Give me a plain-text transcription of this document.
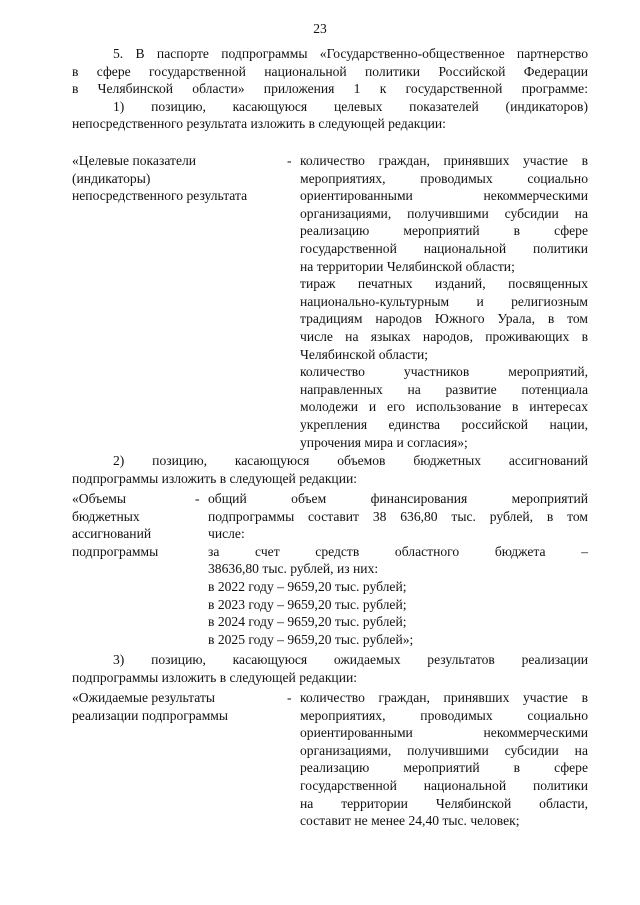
23
5. В паспорте подпрограммы «Государственно-общественное партнерство
в сфере государственной национальной политики Российской Федерации
в Челябинской области» приложения 1 к государственной программе:
1) позицию, касающуюся целевых показателей (индикаторов)
непосредственного результата изложить в следующей редакции:
«Целевые показатели
(индикаторы)
непосредственного результата
- количество граждан, принявших участие в
мероприятиях, проводимых социально
ориентированными некоммерческими
организациями, получившими субсидии на
реализацию мероприятий в сфере
государственной национальной политики
на территории Челябинской области;
тираж печатных изданий, посвященных
национально-культурным и религиозным
традициям народов Южного Урала, в том
числе на языках народов, проживающих в
Челябинской области;
количество участников мероприятий,
направленных на развитие потенциала
молодежи и его использование в интересах
укрепления единства российской нации,
упрочения мира и согласия»;
2) позицию, касающуюся объемов бюджетных ассигнований
подпрограммы изложить в следующей редакции:
«Объемы
бюджетных
ассигнований
подпрограммы
- общий объем финансирования мероприятий
подпрограммы составит 38 636,80 тыс. рублей, в том
числе:
за счет средств областного бюджета –
38636,80 тыс. рублей, из них:
в 2022 году – 9659,20 тыс. рублей;
в 2023 году – 9659,20 тыс. рублей;
в 2024 году – 9659,20 тыс. рублей;
в 2025 году – 9659,20 тыс. рублей»;
3) позицию, касающуюся ожидаемых результатов реализации
подпрограммы изложить в следующей редакции:
«Ожидаемые результаты
реализации подпрограммы
- количество граждан, принявших участие в
мероприятиях, проводимых социально
ориентированными некоммерческими
организациями, получившими субсидии на
реализацию мероприятий в сфере
государственной национальной политики
на территории Челябинской области,
составит не менее 24,40 тыс. человек;
